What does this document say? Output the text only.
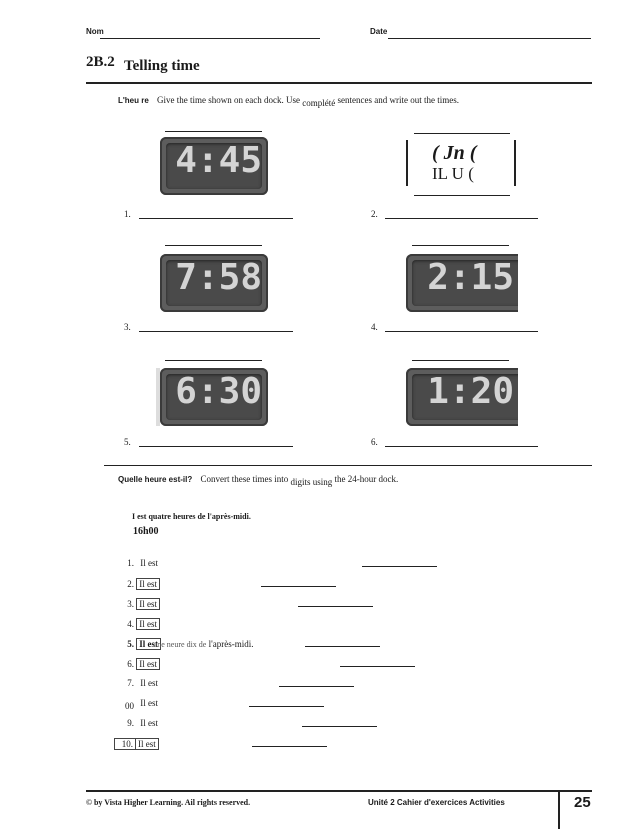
Nom	Date
2B.2 Telling time
L'heu re Give the time shown on each dock. Use complété sentences and write out the times.
4:45
1.
( Jn (
IL U (
2.
7:58
3.
2:15
4.
6:30
5.
1:20
6.
Quelle heure est-il? Convert these times into digits using the 24-hour dock.
I est quatre heures de l'après-midi.
16h00
1. Il est
2. Il est
3. Il est
4. Il est
5. Il est une neure dix de l'après-midi.
6. Il est
7. Il est
00 Il est
9. Il est
10. Il est
© by Vista Higher Learning. Ail rights reserved.	Unité 2 Cahier d'exercices Activities	25
